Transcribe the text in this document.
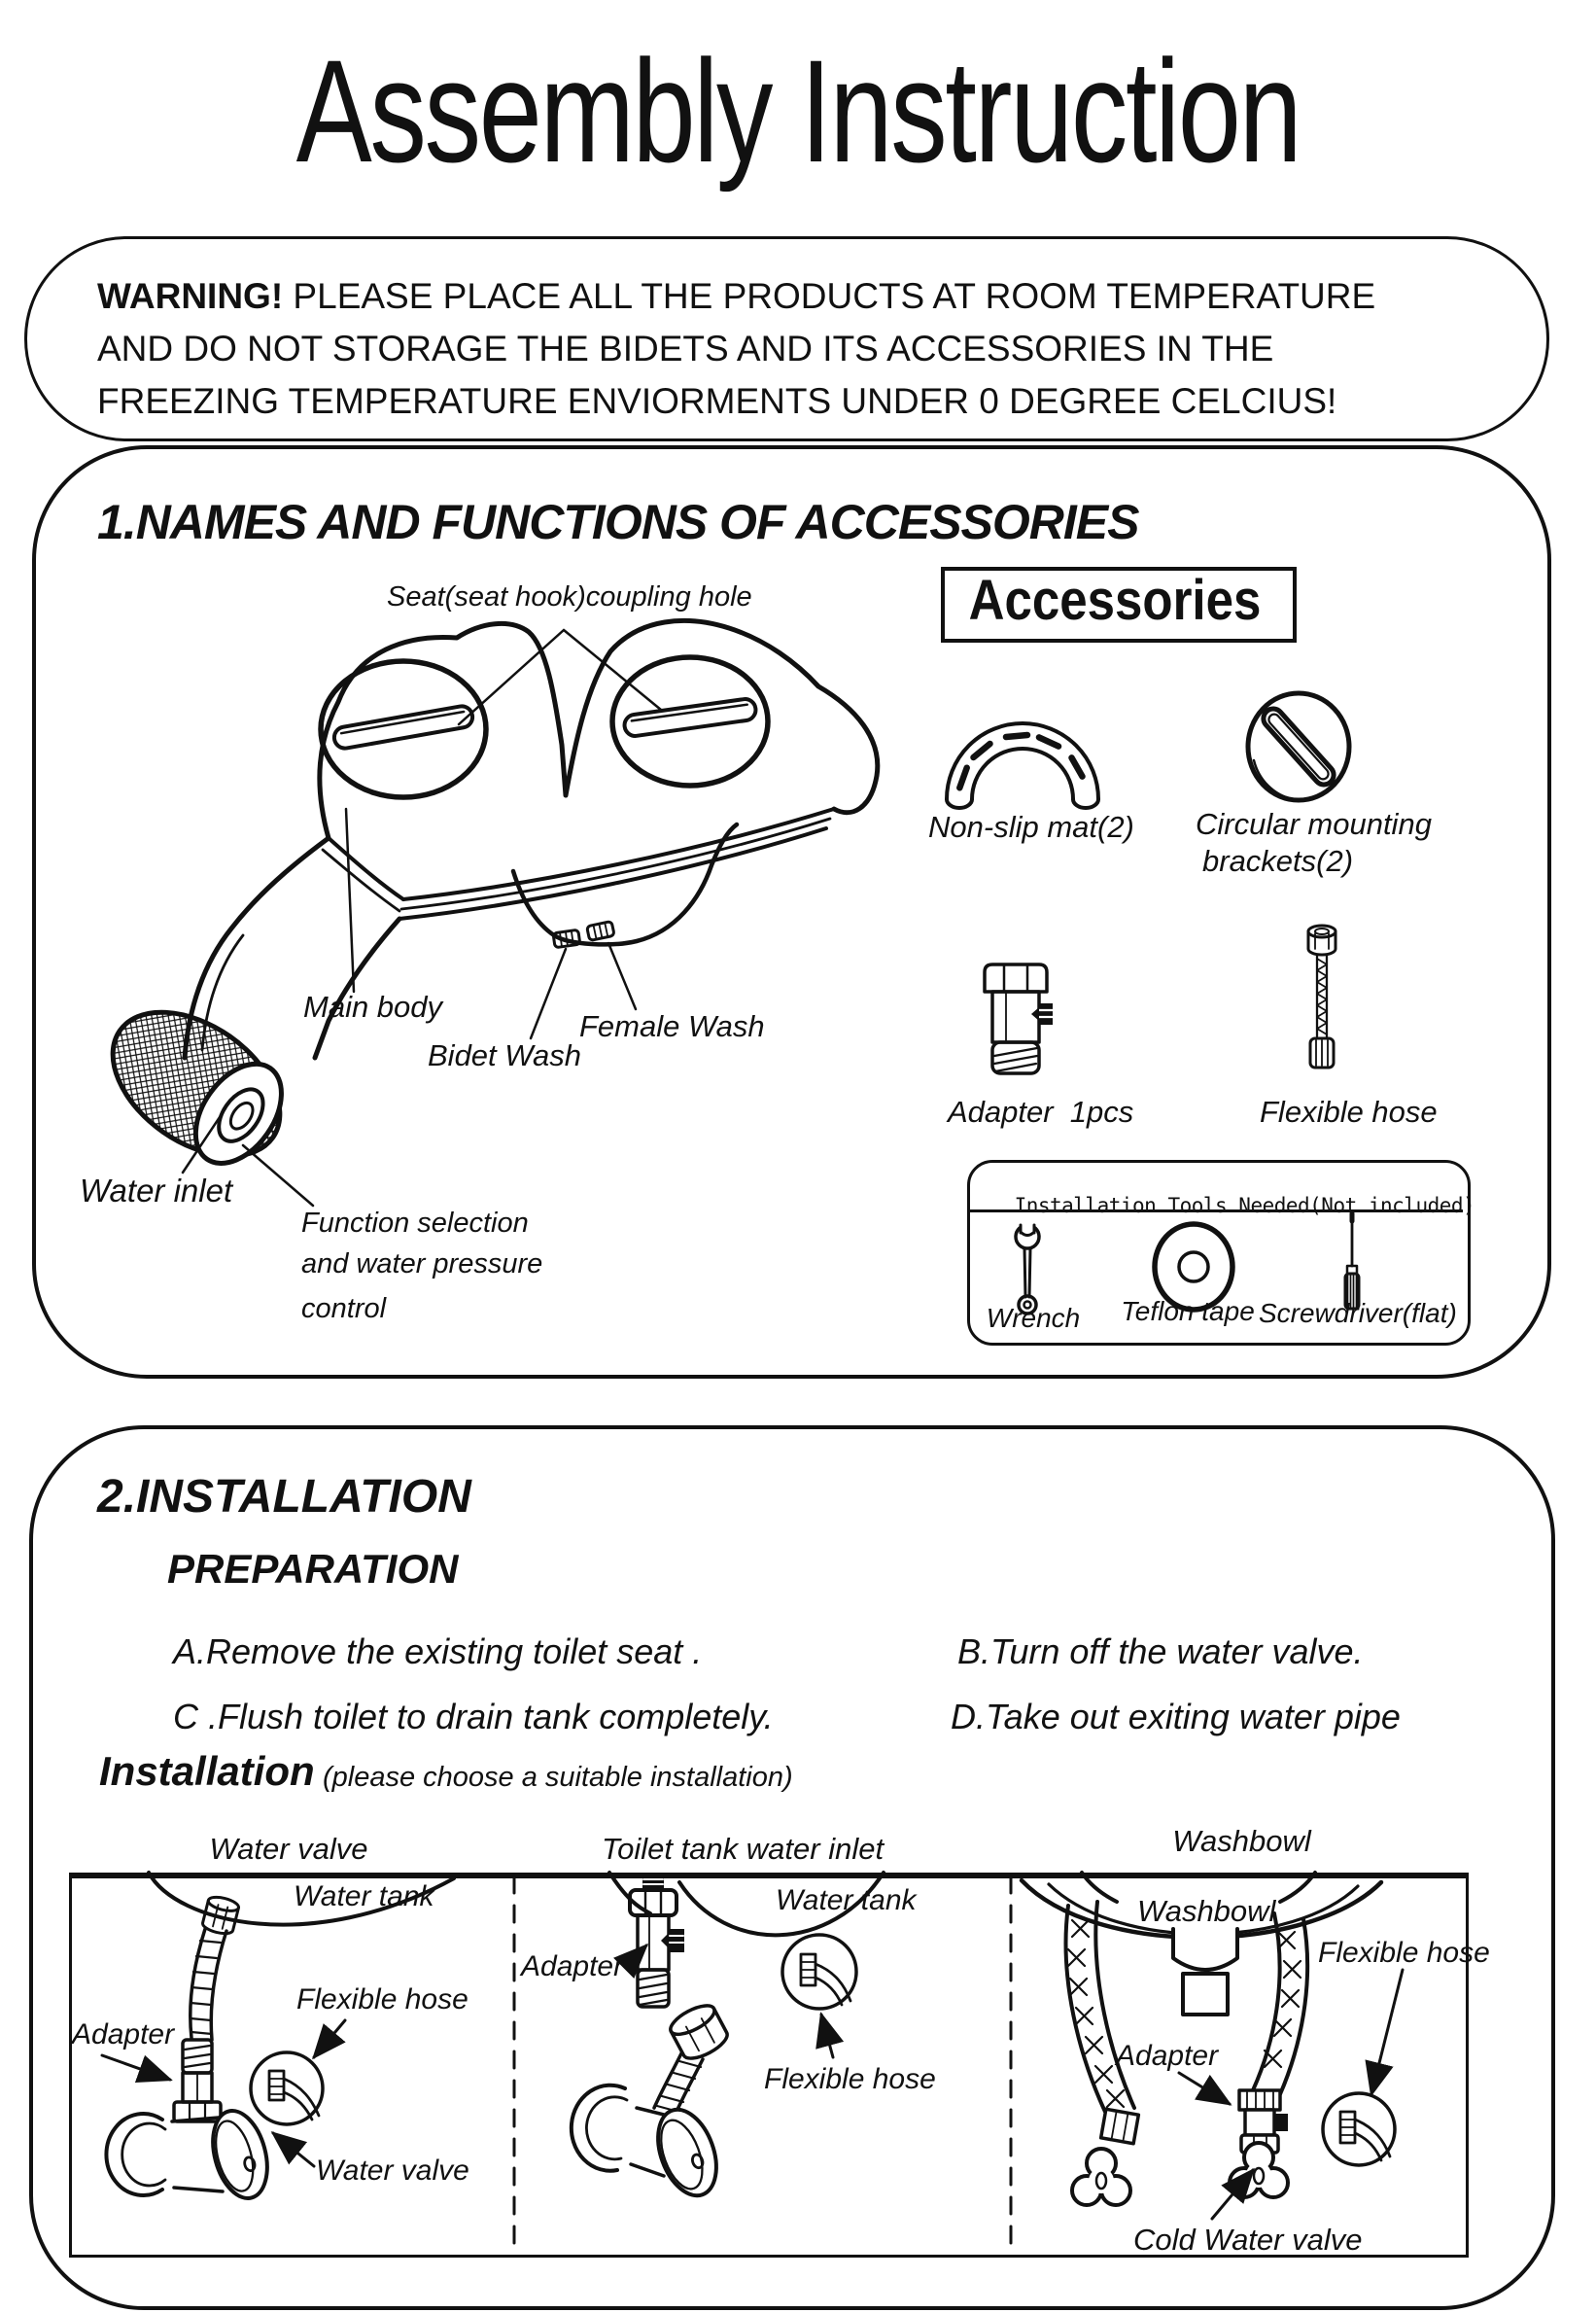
Assembly Instruction
WARNING! PLEASE PLACE ALL THE PRODUCTS AT ROOM TEMPERATURE
AND DO NOT STORAGE THE BIDETS AND ITS ACCESSORIES IN THE
FREEZING TEMPERATURE ENVIORMENTS UNDER 0 DEGREE CELCIUS!
1.NAMES AND FUNCTIONS OF ACCESSORIES
Seat(seat hook)coupling hole
Main body
Bidet Wash
Female Wash
Water inlet
Function selection
and water pressure
control
Accessories
Non-slip mat(2) Circular mounting
brackets(2)
Adapter  1pcs	Flexible hose

Installation Tools Needed(Not included)

Wrench	Teflon tape Screwdriver(flat)
2.INSTALLATION
PREPARATION
A.Remove the existing toilet seat .	B.Turn off the water valve.
C .Flush toilet to drain tank completely.	D.Take out exiting water pipe
Installation (please choose a suitable installation)
Water valve	Toilet tank water inlet	Washbowl
Water tank
Flexible hose
Adapter
Water valve
Water tank
Adapter
Flexible hose
Washbowl
Flexible hose
Adapter
Cold Water valve
